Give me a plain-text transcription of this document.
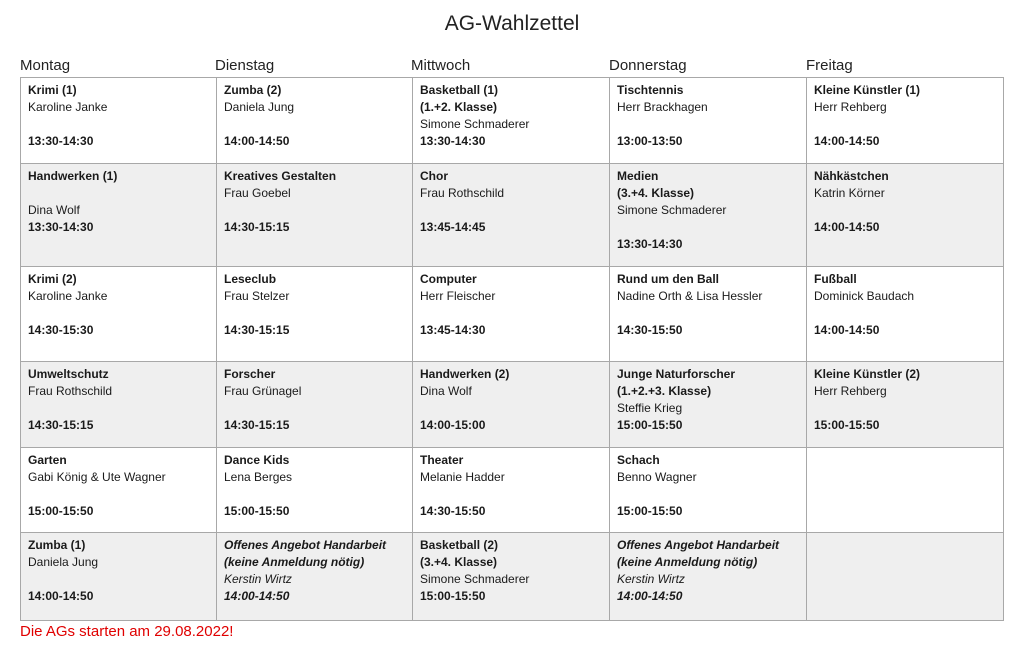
AG-Wahlzettel
Montag	Dienstag	Mittwoch	Donnerstag	Freitag
Krimi (1)
Karoline Janke
13:30-14:30	Zumba (2)
Daniela Jung
14:00-14:50	Basketball (1)
(1.+2. Klasse)
Simone Schmaderer
13:30-14:30	Tischtennis
Herr Brackhagen
13:00-13:50	Kleine Künstler (1)
Herr Rehberg
14:00-14:50

Handwerken (1)
Dina Wolf
13:30-14:30	Kreatives Gestalten
Frau Goebel
14:30-15:15	Chor
Frau Rothschild
13:45-14:45	Medien
(3.+4. Klasse)
Simone Schmaderer
13:30-14:30	Nähkästchen
Katrin Körner
14:00-14:50

Krimi (2)
Karoline Janke
14:30-15:30	Leseclub
Frau Stelzer
14:30-15:15	Computer
Herr Fleischer
13:45-14:30	Rund um den Ball
Nadine Orth & Lisa Hessler
14:30-15:50	Fußball
Dominick Baudach
14:00-14:50

Umweltschutz
Frau Rothschild
14:30-15:15	Forscher
Frau Grünagel
14:30-15:15	Handwerken (2)
Dina Wolf
14:00-15:00	Junge Naturforscher
(1.+2.+3. Klasse)
Steffie Krieg
15:00-15:50	Kleine Künstler (2)
Herr Rehberg
15:00-15:50

Garten
Gabi König & Ute Wagner
15:00-15:50	Dance Kids
Lena Berges
15:00-15:50	Theater
Melanie Hadder
14:30-15:50	Schach
Benno Wagner
15:00-15:50	

Zumba (1)
Daniela Jung
14:00-14:50	Offenes Angebot Handarbeit
(keine Anmeldung nötig)
Kerstin Wirtz
14:00-14:50	Basketball (2)
(3.+4. Klasse)
Simone Schmaderer
15:00-15:50	Offenes Angebot Handarbeit
(keine Anmeldung nötig)
Kerstin Wirtz
14:00-14:50	

Die AGs starten am 29.08.2022!
